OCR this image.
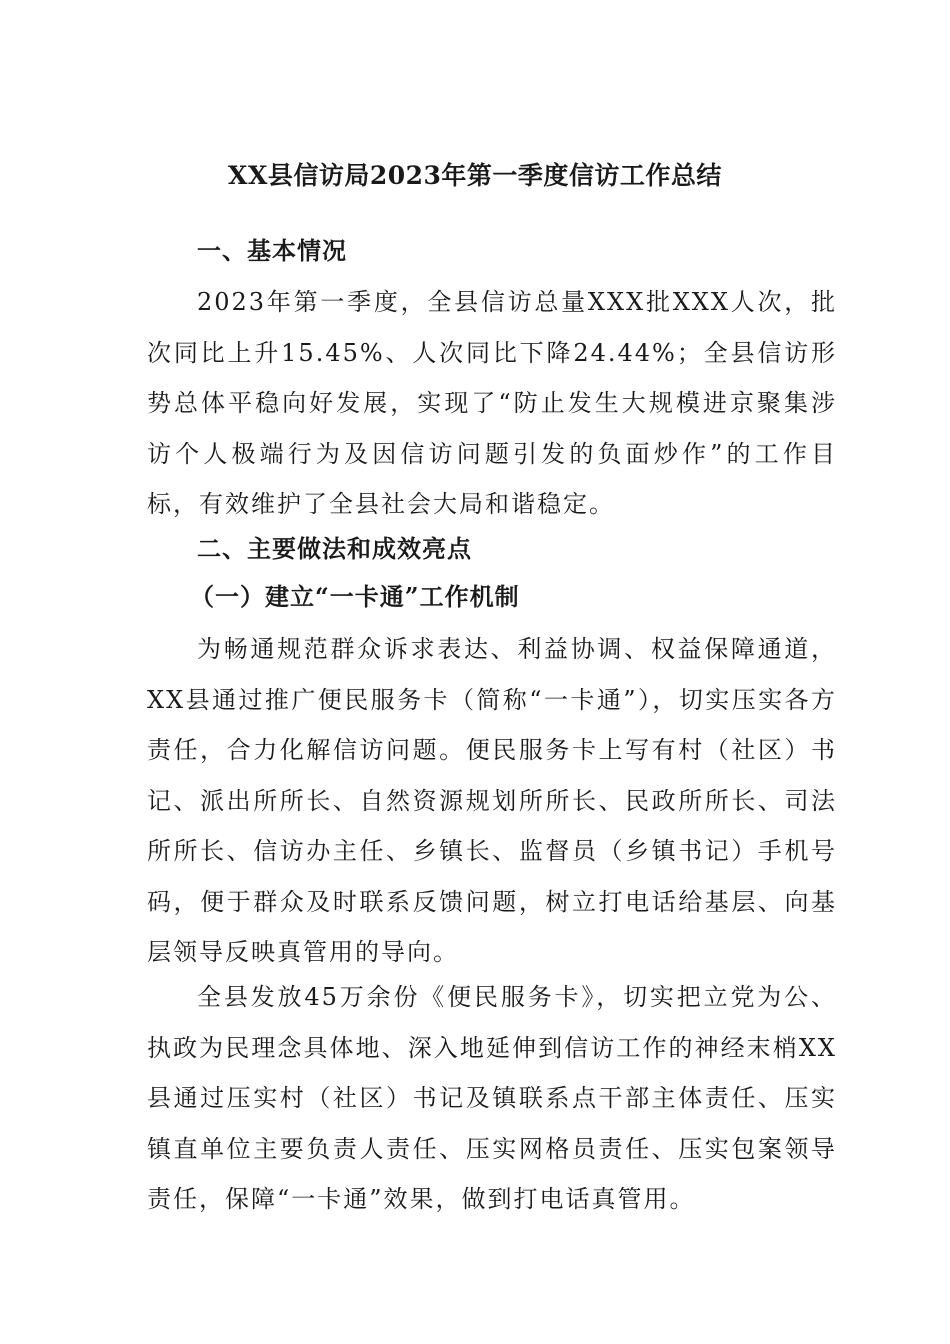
XX县信访局2023年第一季度信访工作总结
一、基本情况

2023年第一季度，全县信访总量XXX批XXX人次，批次同比上升15.45%、人次同比下降24.44%；全县信访形势总体平稳向好发展，实现了“防止发生大规模进京聚集涉访个人极端行为及因信访问题引发的负面炒作”的工作目标，有效维护了全县社会大局和谐稳定。

二、主要做法和成效亮点
（一）建立“一卡通”工作机制

为畅通规范群众诉求表达、利益协调、权益保障通道，XX县通过推广便民服务卡（简称“一卡通”），切实压实各方责任，合力化解信访问题。便民服务卡上写有村（社区）书记、派出所所长、自然资源规划所所长、民政所所长、司法所所长、信访办主任、乡镇长、监督员（乡镇书记）手机号码，便于群众及时联系反馈问题，树立打电话给基层、向基层领导反映真管用的导向。

全县发放45万余份《便民服务卡》，切实把立党为公、执政为民理念具体地、深入地延伸到信访工作的神经末梢XX县通过压实村（社区）书记及镇联系点干部主体责任、压实镇直单位主要负责人责任、压实网格员责任、压实包案领导责任，保障“一卡通”效果，做到打电话真管用。
